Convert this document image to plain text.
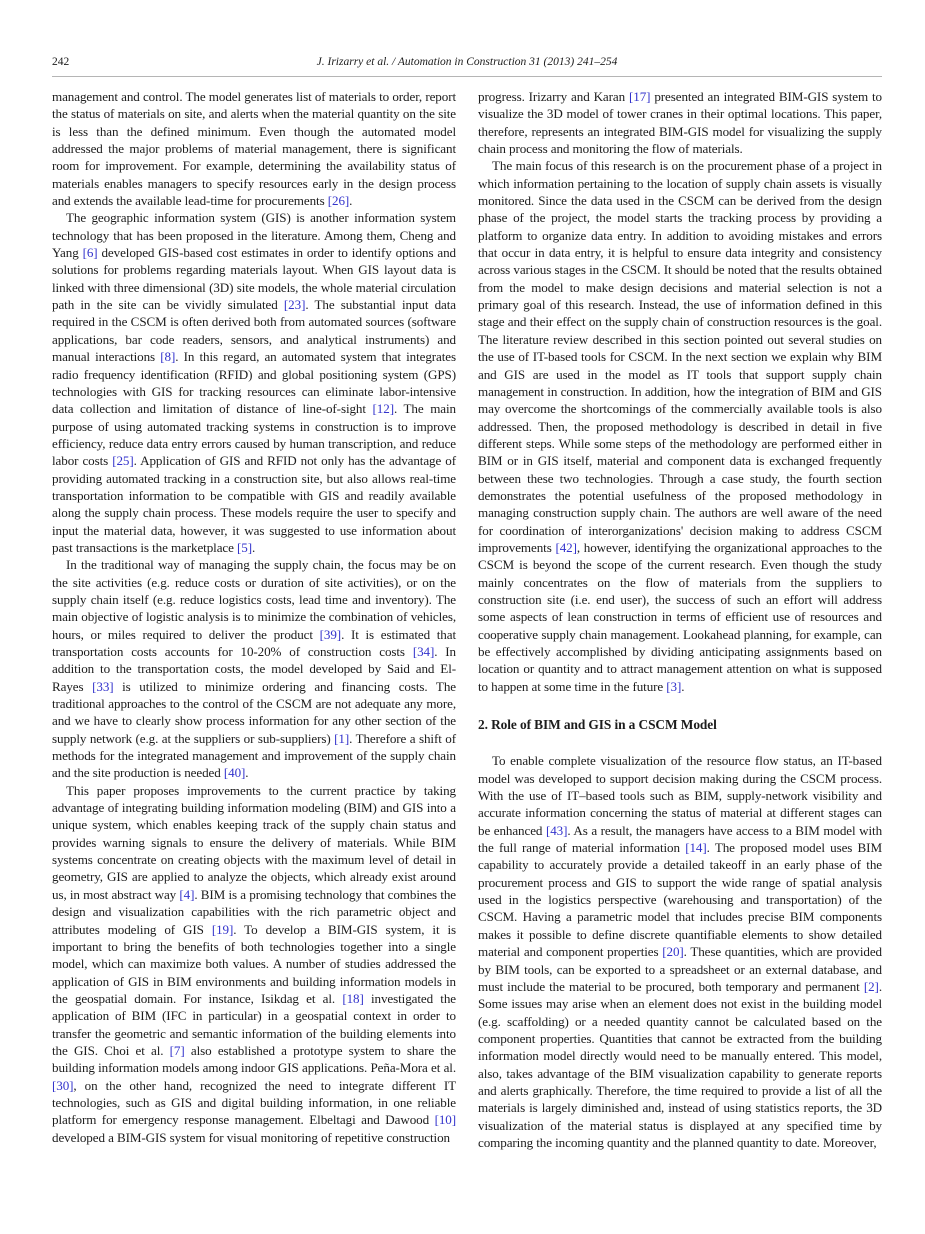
242	J. Irizarry et al. / Automation in Construction 31 (2013) 241–254

management and control. The model generates list of materials to order, report the status of materials on site, and alerts when the material quantity on the site is less than the defined minimum. Even though the automated model addressed the major problems of material management, there is significant room for improvement. For example, determining the availability status of materials enables managers to specify resources early in the design process and extends the available lead-time for procurements [26].

The geographic information system (GIS) is another information system technology that has been proposed in the literature. Among them, Cheng and Yang [6] developed GIS-based cost estimates in order to identify options and solutions for problems regarding materials layout. When GIS layout data is linked with three dimensional (3D) site models, the whole material circulation path in the site can be vividly simulated [23]. The substantial input data required in the CSCM is often derived both from automated sources (software applications, bar code readers, sensors, and analytical instruments) and manual interactions [8]. In this regard, an automated system that integrates radio frequency identification (RFID) and global positioning system (GPS) technologies with GIS for tracking resources can eliminate labor-intensive data collection and limitation of distance of line-of-sight [12]. The main purpose of using automated tracking systems in construction is to improve efficiency, reduce data entry errors caused by human transcription, and reduce labor costs [25]. Application of GIS and RFID not only has the advantage of providing automated tracking in a construction site, but also allows real-time transportation information to be compatible with GIS and readily available along the supply chain process. These models require the user to specify and input the material data, however, it was suggested to use information about past transactions is the marketplace [5].

In the traditional way of managing the supply chain, the focus may be on the site activities (e.g. reduce costs or duration of site activities), or on the supply chain itself (e.g. reduce logistics costs, lead time and inventory). The main objective of logistic analysis is to minimize the combination of vehicles, hours, or miles required to deliver the product [39]. It is estimated that transportation costs accounts for 10-20% of construction costs [34]. In addition to the transportation costs, the model developed by Said and El-Rayes [33] is utilized to minimize ordering and financing costs. The traditional approaches to the control of the CSCM are not adequate any more, and we have to clearly show process information for any other section of the supply network (e.g. at the suppliers or sub-suppliers) [1]. Therefore a shift of methods for the integrated management and improvement of the supply chain and the site production is needed [40].

This paper proposes improvements to the current practice by taking advantage of integrating building information modeling (BIM) and GIS into a unique system, which enables keeping track of the supply chain status and provides warning signals to ensure the delivery of materials. While BIM systems concentrate on creating objects with the maximum level of detail in geometry, GIS are applied to analyze the objects, which already exist around us, in most abstract way [4]. BIM is a promising technology that combines the design and visualization capabilities with the rich parametric object and attributes modeling of GIS [19]. To develop a BIM-GIS system, it is important to bring the benefits of both technologies together into a single model, which can maximize both values. A number of studies addressed the application of GIS in BIM environments and building information models in the geospatial domain. For instance, Isikdag et al. [18] investigated the application of BIM (IFC in particular) in a geospatial context in order to transfer the geometric and semantic information of the building elements into the GIS. Choi et al. [7] also established a prototype system to share the building information models among indoor GIS applications. Peña-Mora et al. [30], on the other hand, recognized the need to integrate different IT technologies, such as GIS and digital building information, in one reliable platform for emergency response management. Elbeltagi and Dawood [10] developed a BIM-GIS system for visual monitoring of repetitive construction

progress. Irizarry and Karan [17] presented an integrated BIM-GIS system to visualize the 3D model of tower cranes in their optimal locations. This paper, therefore, represents an integrated BIM-GIS model for visualizing the supply chain process and monitoring the flow of materials.

The main focus of this research is on the procurement phase of a project in which information pertaining to the location of supply chain assets is visually monitored. Since the data used in the CSCM can be derived from the design phase of the project, the model starts the tracking process by providing a platform to organize data entry. In addition to avoiding mistakes and errors that occur in data entry, it is helpful to ensure data integrity and consistency across various stages in the CSCM. It should be noted that the results obtained from the model to make design decisions and material selection is not a primary goal of this research. Instead, the use of information defined in this stage and their effect on the supply chain of construction resources is the goal. The literature review described in this section pointed out several studies on the use of IT-based tools for CSCM. In the next section we explain why BIM and GIS are used in the model as IT tools that support supply chain management in construction. In addition, how the integration of BIM and GIS may overcome the shortcomings of the commercially available tools is also addressed. Then, the proposed methodology is described in detail in five different steps. While some steps of the methodology are performed either in BIM or in GIS itself, material and component data is exchanged frequently between these two technologies. Through a case study, the fourth section demonstrates the potential usefulness of the proposed methodology in managing construction supply chain. The authors are well aware of the need for coordination of interorganizations' decision making to address CSCM improvements [42], however, identifying the organizational approaches to the CSCM is beyond the scope of the current research. Even though the study mainly concentrates on the flow of materials from the suppliers to construction site (i.e. end user), the success of such an effort will address some aspects of lean construction in terms of efficient use of resources and cooperative supply chain management. Lookahead planning, for example, can be effectively accomplished by dividing anticipating assignments based on location or quantity and to attract management attention on what is supposed to happen at some time in the future [3].

2. Role of BIM and GIS in a CSCM Model

To enable complete visualization of the resource flow status, an IT-based model was developed to support decision making during the CSCM process. With the use of IT–based tools such as BIM, supply-network visibility and accurate information concerning the status of material at different stages can be enhanced [43]. As a result, the managers have access to a BIM model with the full range of material information [14]. The proposed model uses BIM capability to accurately provide a detailed takeoff in an early phase of the procurement process and GIS to support the wide range of spatial analysis used in the logistics perspective (warehousing and transportation) of the CSCM. Having a parametric model that includes precise BIM components makes it possible to define discrete quantifiable elements to show detailed material and component properties [20]. These quantities, which are provided by BIM tools, can be exported to a spreadsheet or an external database, and must include the material to be procured, both temporary and permanent [2]. Some issues may arise when an element does not exist in the building model (e.g. scaffolding) or a needed quantity cannot be calculated based on the component properties. Quantities that cannot be extracted from the building information model directly would need to be manually entered. This model, also, takes advantage of the BIM visualization capability to generate reports and alerts graphically. Therefore, the time required to provide a list of all the materials is largely diminished and, instead of using statistics reports, the 3D visualization of the material status is displayed at any specified time by comparing the incoming quantity and the planned quantity to date. Moreover,
